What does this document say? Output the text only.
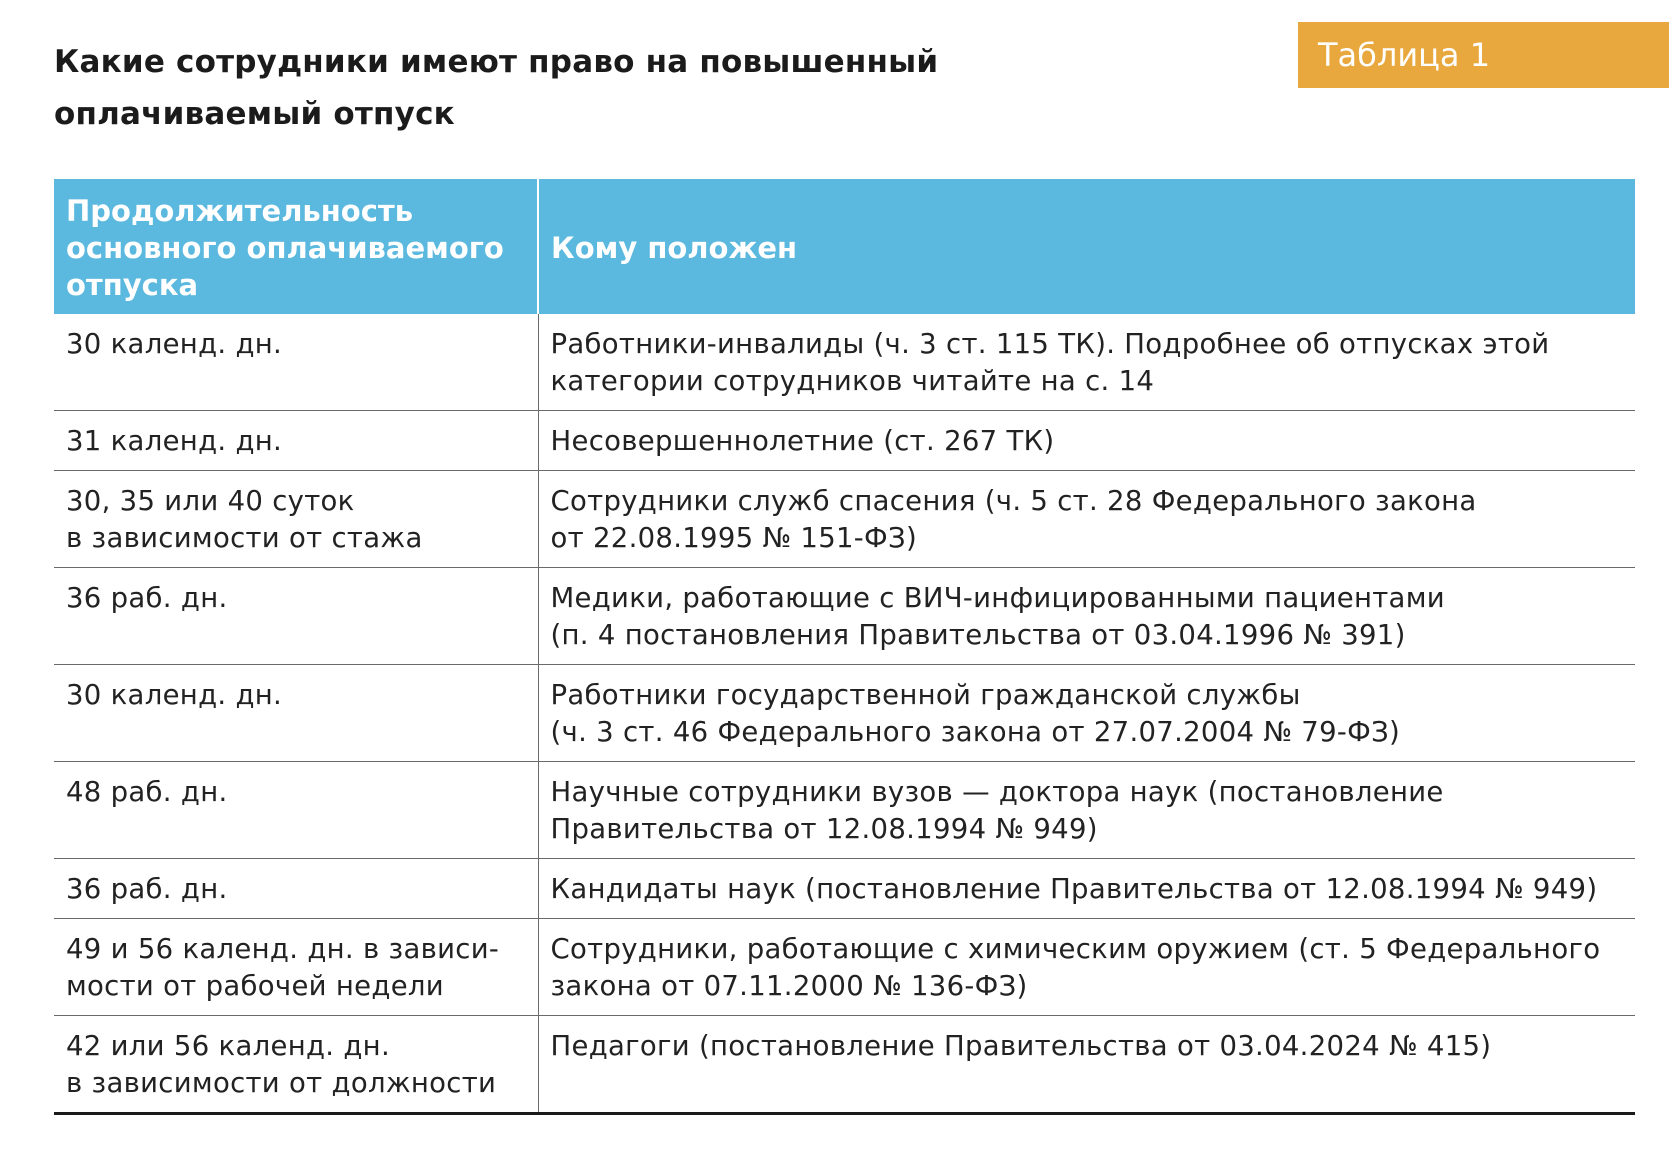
Какие сотрудники имеют право на повышенный оплачиваемый отпуск
Таблица 1
Продолжительность основного оплачиваемого отпуска	Кому положен
30 календ. дн.	Работники-инвалиды (ч. 3 ст. 115 ТК). Подробнее об отпусках этой
категории сотрудников читайте на с. 14
31 календ. дн.	Несовершеннолетние (ст. 267 ТК)
30, 35 или 40 суток
в зависимости от стажа	Сотрудники служб спасения (ч. 5 ст. 28 Федерального закона
от 22.08.1995 № 151-ФЗ)
36 раб. дн.	Медики, работающие с ВИЧ-инфицированными пациентами
(п. 4 постановления Правительства от 03.04.1996 № 391)
30 календ. дн.	Работники государственной гражданской службы
(ч. 3 ст. 46 Федерального закона от 27.07.2004 № 79-ФЗ)
48 раб. дн.	Научные сотрудники вузов — доктора наук (постановление
Правительства от 12.08.1994 № 949)
36 раб. дн.	Кандидаты наук (постановление Правительства от 12.08.1994 № 949)
49 и 56 календ. дн. в зависи-
мости от рабочей недели	Сотрудники, работающие с химическим оружием (ст. 5 Федерального
закона от 07.11.2000 № 136-ФЗ)
42 или 56 календ. дн.
в зависимости от должности	Педагоги (постановление Правительства от 03.04.2024 № 415)
